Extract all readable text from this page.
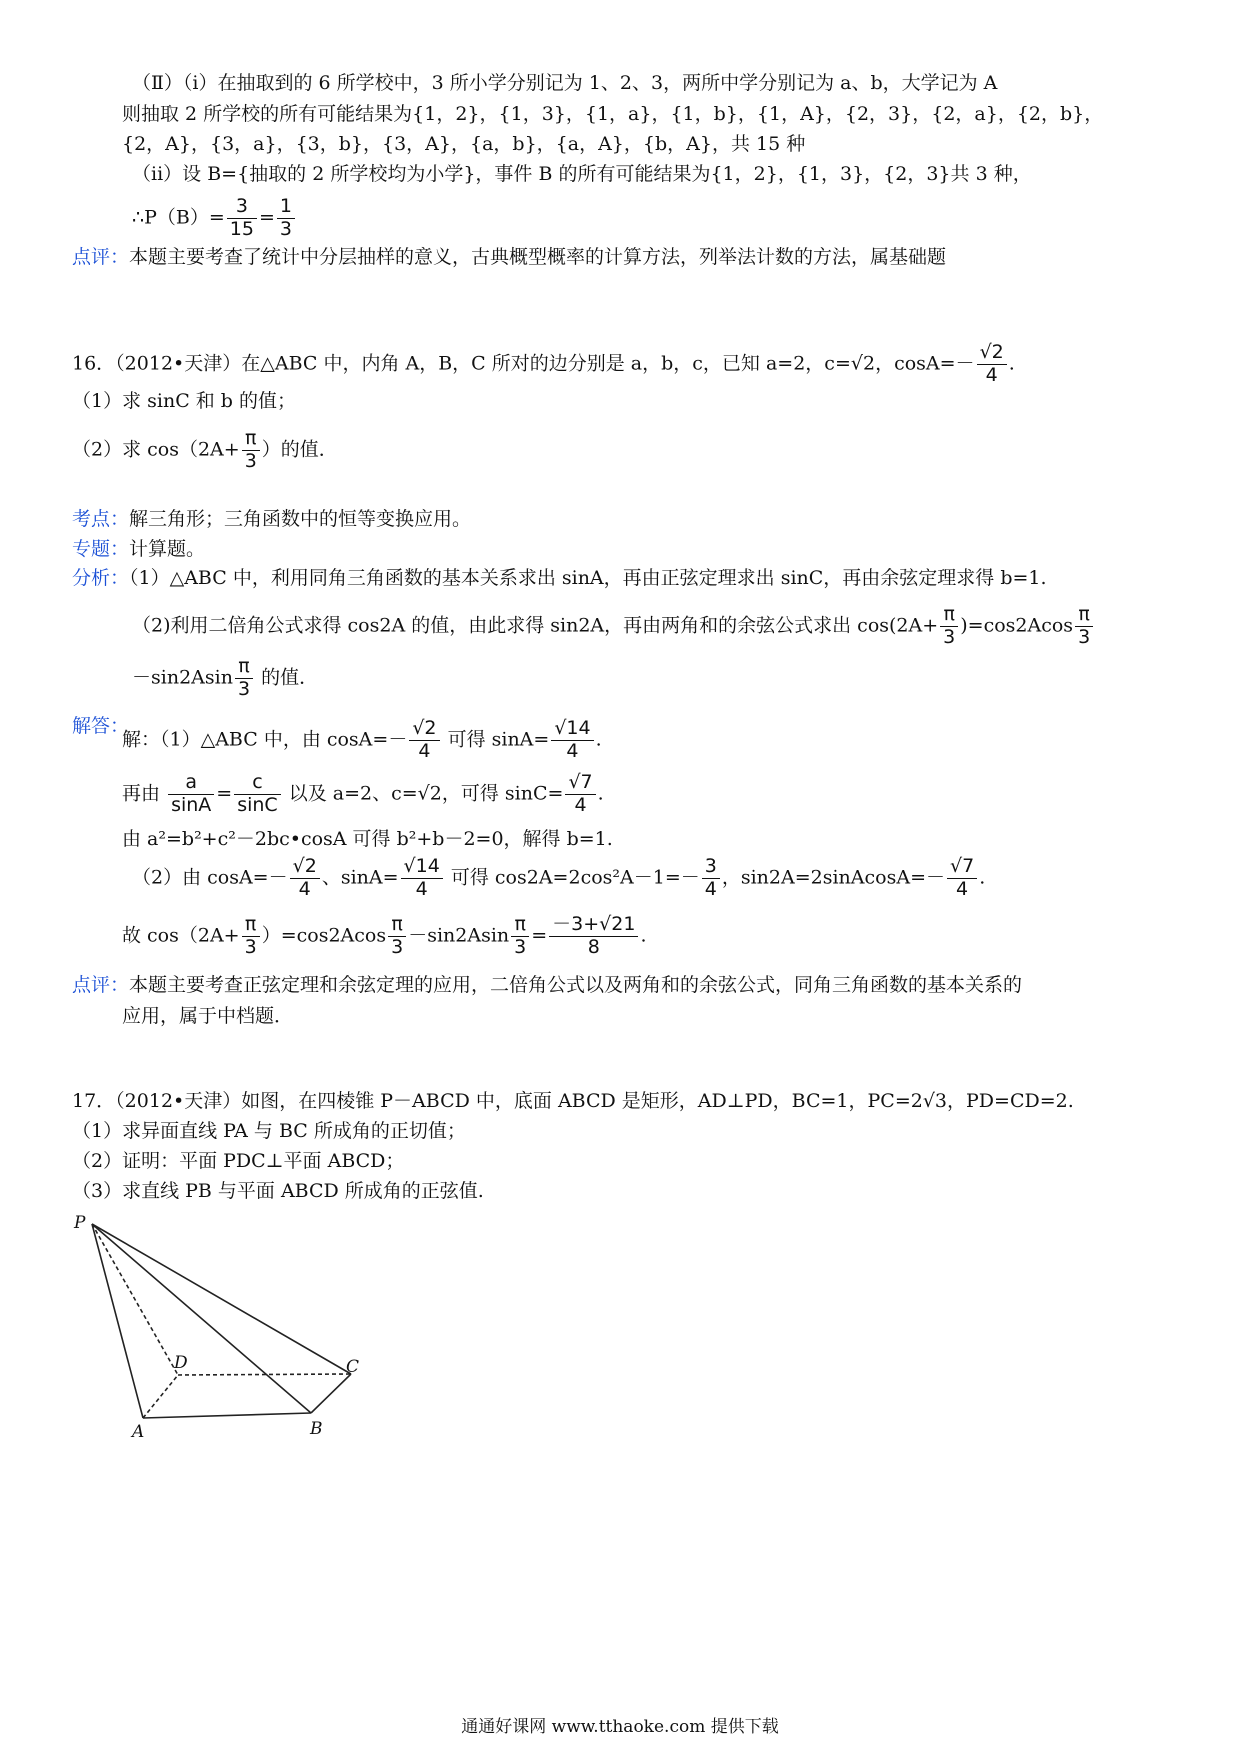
（Ⅱ）（i）在抽取到的 6 所学校中，3 所小学分别记为 1、2、3，两所中学分别记为 a、b，大学记为 A
则抽取 2 所学校的所有可能结果为{1，2}，{1，3}，{1，a}，{1，b}，{1，A}，{2，3}，{2，a}，{2，b}，
{2，A}，{3，a}，{3，b}，{3，A}，{a，b}，{a，A}，{b，A}，共 15 种
（ii）设 B={抽取的 2 所学校均为小学}，事件 B 的所有可能结果为{1，2}，{1，3}，{2，3}共 3 种，
∴P（B）= $\frac{3}{15} = \frac{1}{3}$
点评：本题主要考查了统计中分层抽样的意义，古典概型概率的计算方法，列举法计数的方法，属基础题
16．（2012•天津）在△ABC 中，内角 A，B，C 所对的边分别是 a，b，c，已知 a=2，c=√2，$\cos A=- \frac{√2}{4}$ .
（1）求 sinC 和 b 的值；
（2）求 $\cos(2A+ \frac{\pi}{3}$ ）的值．
考点：解三角形；三角函数中的恒等变换应用。
专题：计算题。
分析：（1）△ABC 中，利用同角三角函数的基本关系求出 sinA，再由正弦定理求出 sinC，再由余弦定理求得 b=1.
（2)利用二倍角公式求得 cos2A 的值，由此求得 sin2A，再由两角和的余弦公式求出 $\cos(2A+ \frac{\pi}{3} )=\cos 2Acos \frac{\pi}{3}$
$-\sin 2Asin \frac{\pi}{3}$ 的值．
解答：
解：（1）△ABC 中，由 $\cos A=- \frac{√2}{4}$ 可得 $\sin A= \frac{√14}{4}$ .
再由 $\frac{a}{\sin A} = \frac{c}{\sin C}$ 以及 a=2、c=√2，可得 $\sin C= \frac{√7}{4}$ .
由 a²=b²+c²－2bc•cosA 可得 b²+b－2=0，解得 b=1.
（2）由 $\cos A=- \frac{√2}{4}$ 、$\sin A= \frac{√14}{4}$ 可得 $\cos 2A=2\cos^2A-1=- \frac{3}{4}$ ，sin2A=2sinAcosA=－ $\frac{√7}{4}$ .
故 $\cos(2A+ \frac{\pi}{3} )=\cos 2Acos \frac{\pi}{3} -\sin 2Asin \frac{\pi}{3} = \frac{-3+√21}{8}$ .
点评：本题主要考查正弦定理和余弦定理的应用，二倍角公式以及两角和的余弦公式，同角三角函数的基本关系的
应用，属于中档题．
17．（2012•天津）如图，在四棱锥 P－ABCD 中，底面 ABCD 是矩形，AD⊥PD，BC=1，PC=2√3，PD=CD=2.
（1）求异面直线 PA 与 BC 所成角的正切值；
（2）证明：平面 PDC⊥平面 ABCD；
（3）求直线 PB 与平面 ABCD 所成角的正弦值.
P
D	C
A	B
通通好课网 www.tthaoke.com 提供下载
